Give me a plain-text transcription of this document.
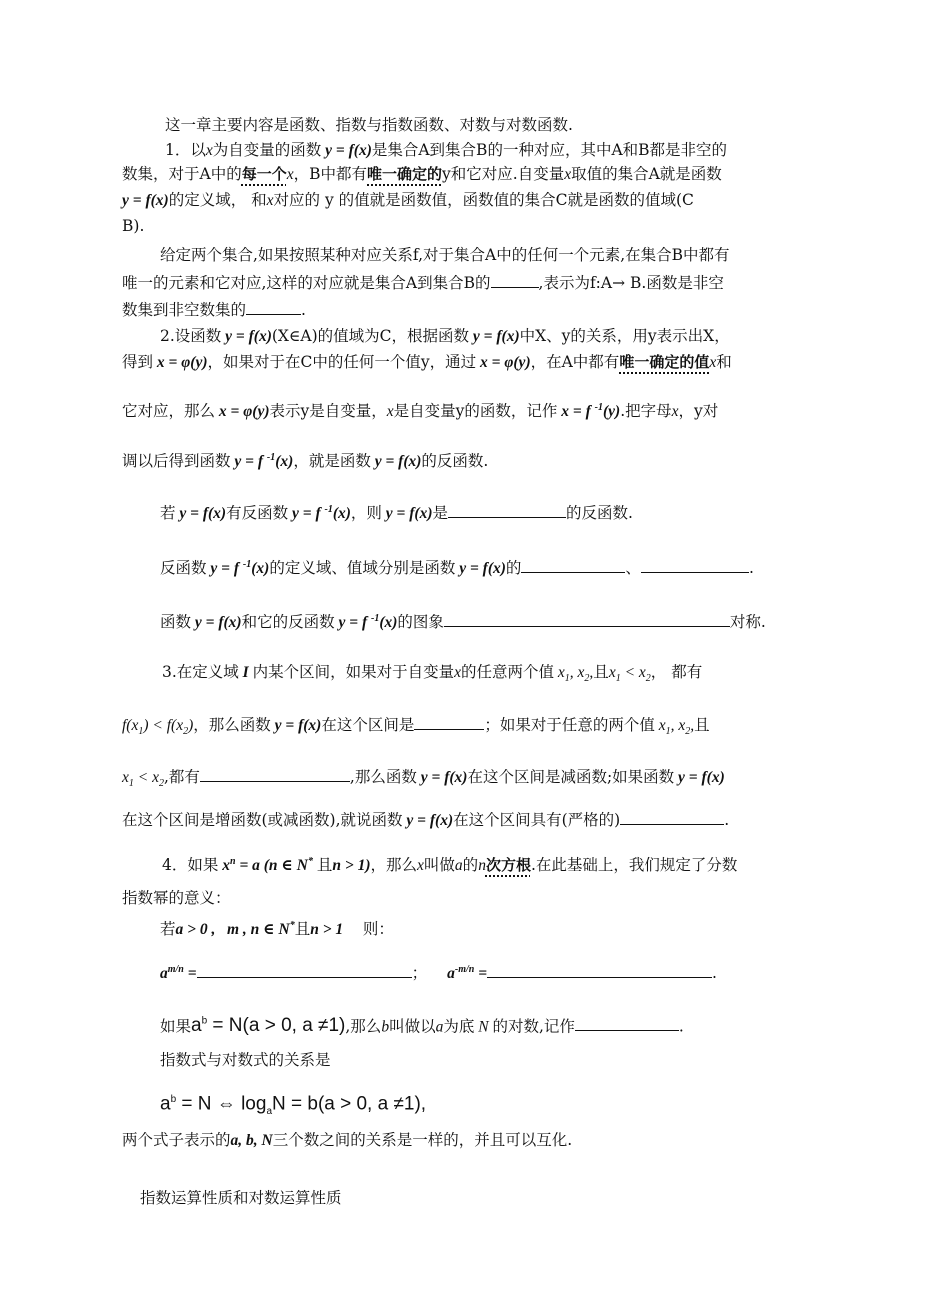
这一章主要内容是函数、指数与指数函数、对数与对数函数.
1．以x为自变量的函数 y = f(x)是集合A到集合B的一种对应，其中A和B都是非空的
数集，对于A中的每一个x，B中都有唯一确定的y和它对应.自变量x取值的集合A就是函数
y = f(x)的定义域， 和x对应的 y 的值就是函数值，函数值的集合C就是函数的值域(C
B).
给定两个集合,如果按照某种对应关系f,对于集合A中的任何一个元素,在集合B中都有
唯一的元素和它对应,这样的对应就是集合A到集合B的	,表示为f:A→ B.函数是非空
数集到非空数集的	.
2.设函数 y = f(x)(X∈A)的值域为C，根据函数 y = f(x)中X、y的关系，用y表示出X，
得到 x = φ(y)，如果对于在C中的任何一个值y，通过 x = φ(y)，在A中都有唯一确定的值x和
它对应，那么 x = φ(y)表示y是自变量，x是自变量y的函数，记作 x = f $^{-1}$(y).把字母x，y对
调以后得到函数 y = f $^{-1}$(x)，就是函数 y = f(x)的反函数.
若 y = f(x)有反函数 y = f $^{-1}$(x)，则 y = f(x)是	的反函数.
反函数 y = f $^{-1}$(x)的定义域、值域分别是函数 y = f(x)的	、	.
函数 y = f(x)和它的反函数 y = f $^{-1}$(x)的图象	对称.
3.在定义域 I 内某个区间，如果对于自变量x的任意两个值 $x_1$, $x_2$,且$x_1 < x_2$， 都有
$f(x_1) < f(x_2)$，那么函数 y = f(x)在这个区间是	；如果对于任意的两个值 $x_1$, $x_2$,且
$x_1 < x_2$,都有	,那么函数 y = f(x)在这个区间是减函数;如果函数 y = f(x)
在这个区间是增函数(或减函数),就说函数 y = f(x)在这个区间具有(严格的)	.
4．如果 $x^n = a$ (n ∈ N* 且n > 1)，那么x叫做a的n次方根.在此基础上，我们规定了分数
指数幂的意义：
若a > 0 ,   m , n ∈ N*且n > 1 则：
$a^{m/n}$ =	； $a^{-m/n}$ =	.
如果$a^b = N(a > 0$, a ≠1),那么b叫做以a为底 N 的对数,记作	.
指数式与对数式的关系是
$a^b = N$ ⇔ $\log_aN = b(a > 0$, a ≠1),
两个式子表示的a, b, N三个数之间的关系是一样的，并且可以互化.
指数运算性质和对数运算性质
